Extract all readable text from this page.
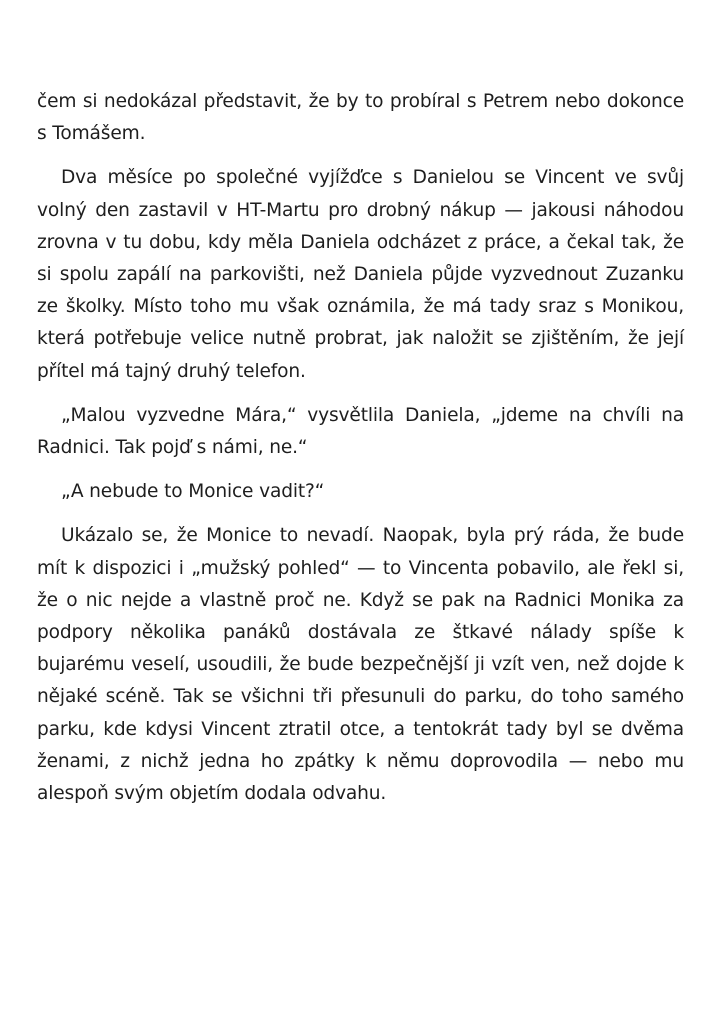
čem si nedokázal představit, že by to probíral s Petrem nebo dokonce s Tomášem.

Dva měsíce po společné vyjížďce s Danielou se Vincent ve svůj volný den zastavil v HT-Martu pro drobný nákup — jakousi náhodou zrovna v tu dobu, kdy měla Daniela odcházet z práce, a čekal tak, že si spolu zapálí na parkovišti, než Daniela půjde vyzvednout Zuzanku ze školky. Místo toho mu však oznámila, že má tady sraz s Monikou, která potřebuje velice nutně probrat, jak naložit se zjištěním, že její přítel má tajný druhý telefon.

„Malou vyzvedne Mára,“ vysvětlila Daniela, „jdeme na chvíli na Radnici. Tak pojď s námi, ne.“

„A nebude to Monice vadit?“

Ukázalo se, že Monice to nevadí. Naopak, byla prý ráda, že bude mít k dispozici i „mužský pohled“ — to Vincenta pobavilo, ale řekl si, že o nic nejde a vlastně proč ne. Když se pak na Radnici Monika za podpory několika panáků dostávala ze štkavé nálady spíše k bujarému veselí, usoudili, že bude bezpečnější ji vzít ven, než dojde k nějaké scéně. Tak se všichni tři přesunuli do parku, do toho samého parku, kde kdysi Vincent ztratil otce, a tentokrát tady byl se dvěma ženami, z nichž jedna ho zpátky k němu doprovodila — nebo mu alespoň svým objetím dodala odvahu.
